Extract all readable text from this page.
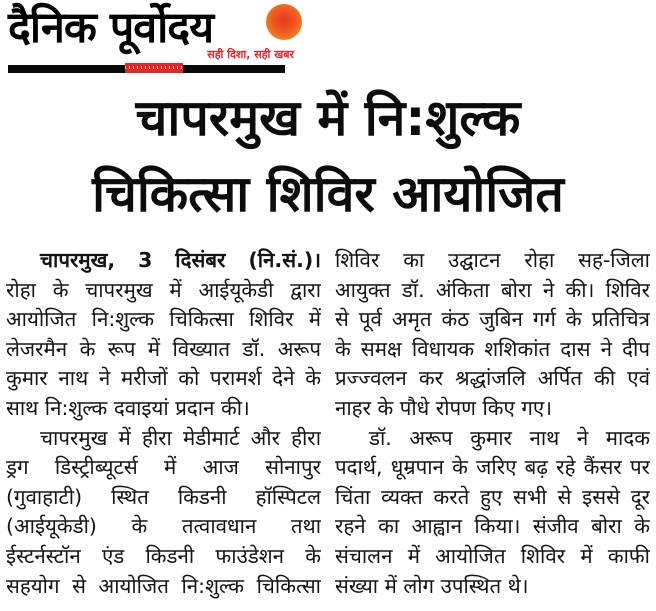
दैनिक पूर्वोदय
सही दिशा, सही खबर
चापरमुख में नि:शुल्क
चिकित्सा शिविर आयोजित
चापरमुख, 3 दिसंबर (नि.सं.)।
रोहा के चापरमुख में आईयूकेडी द्वारा
आयोजित नि:शुल्क चिकित्सा शिविर में
लेजरमैन के रूप में विख्यात डॉ. अरूप
कुमार नाथ ने मरीजों को परामर्श देने के
साथ नि:शुल्क दवाइयां प्रदान की।
चापरमुख में हीरा मेडीमार्ट और हीरा
ड्रग डिस्ट्रीब्यूटर्स में आज सोनापुर
(गुवाहाटी) स्थित किडनी हॉस्पिटल
(आईयूकेडी) के तत्वावधान तथा
ईस्टर्नस्टॉन एंड किडनी फाउंडेशन के
सहयोग से आयोजित नि:शुल्क चिकित्सा
शिविर का उद्घाटन रोहा सह-जिला
आयुक्त डॉ. अंकिता बोरा ने की। शिविर
से पूर्व अमृत कंठ जुबिन गर्ग के प्रतिचित्र
के समक्ष विधायक शशिकांत दास ने दीप
प्रज्ज्वलन कर श्रद्धांजलि अर्पित की एवं
नाहर के पौधे रोपण किए गए।
डॉ. अरूप कुमार नाथ ने मादक
पदार्थ, धूम्रपान के जरिए बढ़ रहे कैंसर पर
चिंता व्यक्त करते हुए सभी से इससे दूर
रहने का आह्वान किया। संजीव बोरा के
संचालन में आयोजित शिविर में काफी
संख्या में लोग उपस्थित थे।
